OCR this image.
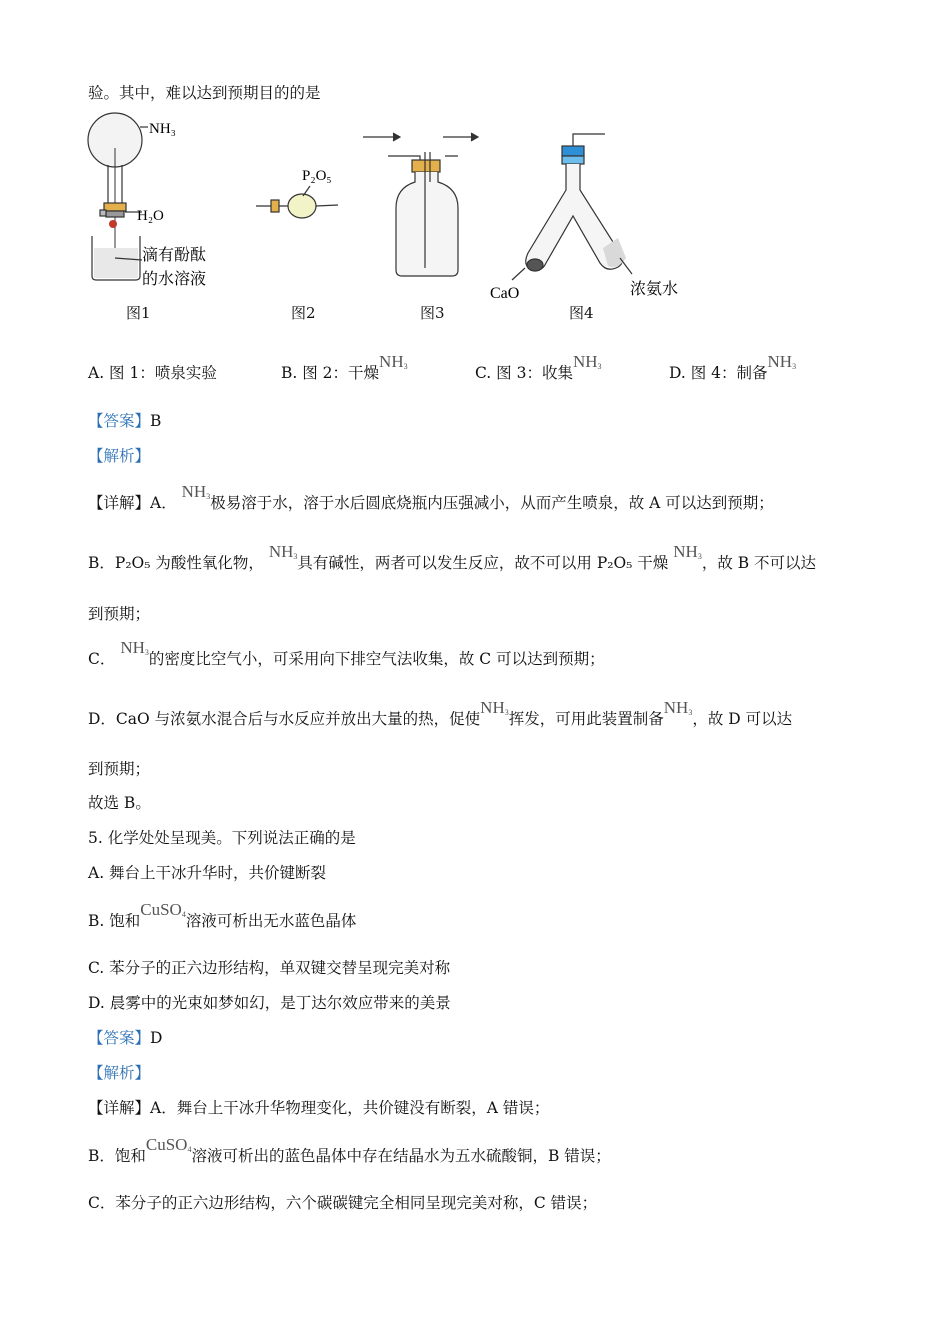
验。其中，难以达到预期目的的是
NH₃
H₂O
滴有酚酞
的水溶液
P₂O₅
CaO	浓氨水
图1	图2	图3	图4
A. 图 1：喷泉实验	B. 图 2：干燥$NH_3$	C. 图 3：收集$NH_3$	D. 图 4：制备$NH_3$
【答案】B
【解析】
【详解】A． $NH_3$极易溶于水，溶于水后圆底烧瓶内压强减小，从而产生喷泉，故 A 可以达到预期；
B．P₂O₅ 为酸性氧化物， $NH_3$具有碱性，两者可以发生反应，故不可以用 P₂O₅ 干燥 $NH_3$，故 B 不可以达
到预期；
C． $NH_3$的密度比空气小，可采用向下排空气法收集，故 C 可以达到预期；
D．CaO 与浓氨水混合后与水反应并放出大量的热，促使$NH_3$挥发，可用此装置制备$NH_3$，故 D 可以达
到预期；
故选 B。
5. 化学处处呈现美。下列说法正确的是
A. 舞台上干冰升华时，共价键断裂
B. 饱和CuSO$_4$溶液可析出无水蓝色晶体
C. 苯分子的正六边形结构，单双键交替呈现完美对称
D. 晨雾中的光束如梦如幻，是丁达尔效应带来的美景
【答案】D
【解析】
【详解】A．舞台上干冰升华物理变化，共价键没有断裂，A 错误；
B．饱和CuSO$_4$溶液可析出的蓝色晶体中存在结晶水为五水硫酸铜，B 错误；
C．苯分子的正六边形结构，六个碳碳键完全相同呈现完美对称，C 错误；
